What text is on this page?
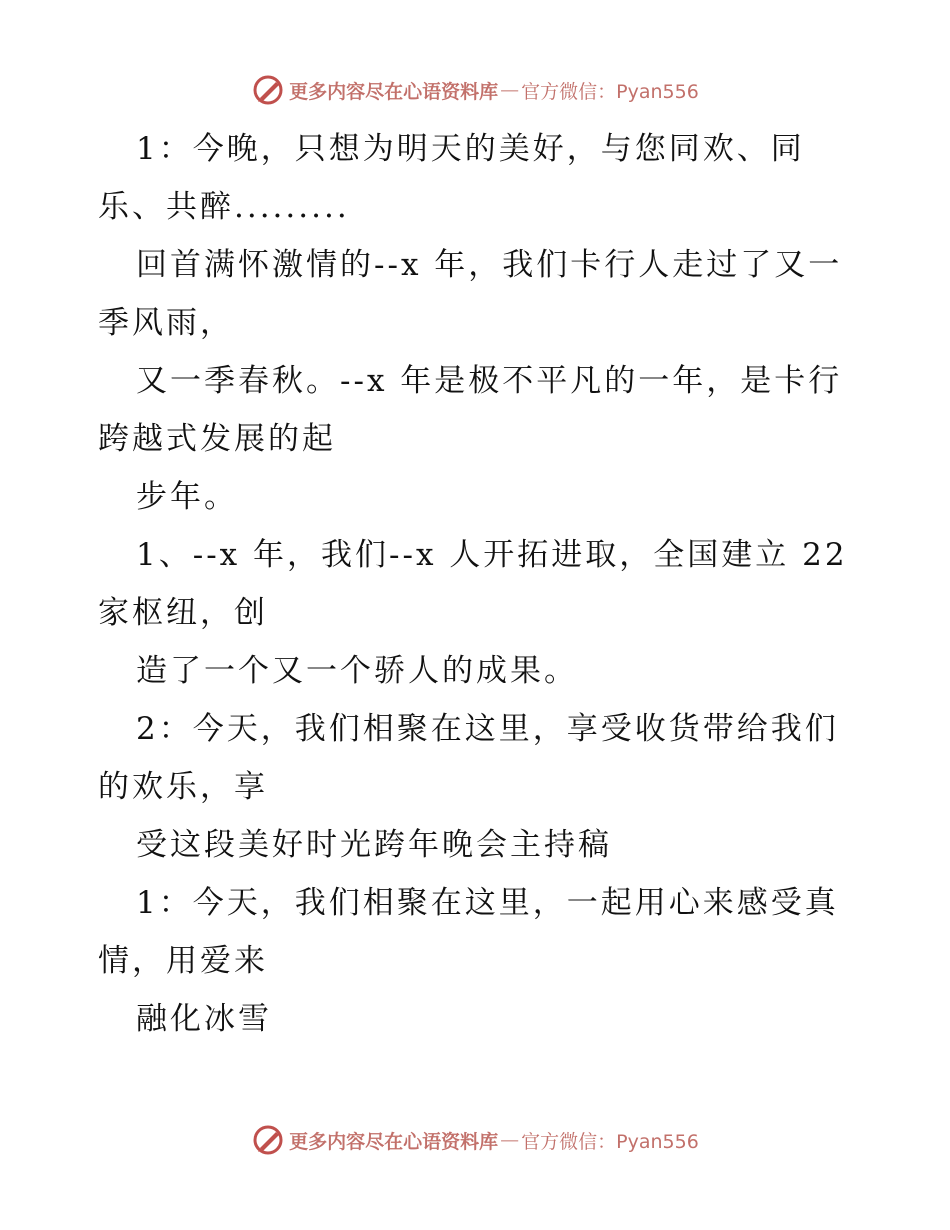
更多内容尽在心语资料库 — 官方微信：Pyan556

1：今晚，只想为明天的美好，与您同欢、同

乐、共醉.........

回首满怀激情的--x 年，我们卡行人走过了又一

季风雨，

又一季春秋。--x 年是极不平凡的一年，是卡行

跨越式发展的起

步年。

1、--x 年，我们--x 人开拓进取，全国建立 22

家枢纽，创

造了一个又一个骄人的成果。

2：今天，我们相聚在这里，享受收货带给我们

的欢乐，享

受这段美好时光跨年晚会主持稿

1：今天，我们相聚在这里，一起用心来感受真

情，用爱来

融化冰雪

更多内容尽在心语资料库 — 官方微信：Pyan556
